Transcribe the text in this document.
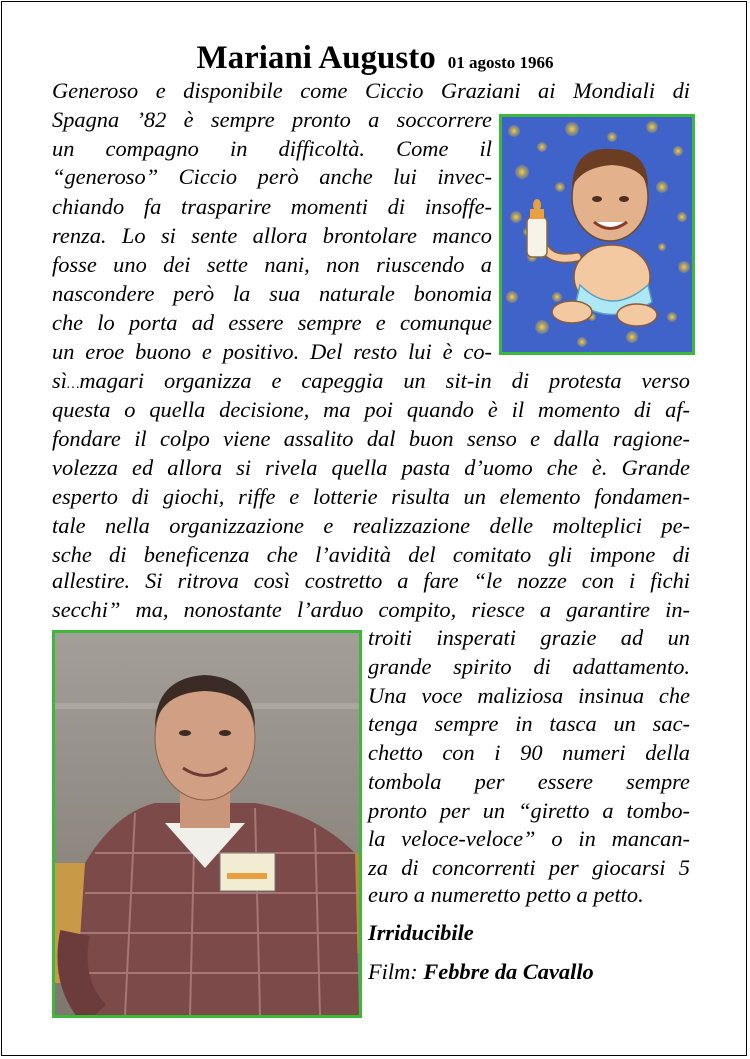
Mariani Augusto 01 agosto 1966
Generoso e disponibile come Ciccio Graziani ai Mondiali di
Spagna ’82 è sempre pronto a soccorrere
un compagno in difficoltà. Come il
“generoso” Ciccio però anche lui invec-
chiando fa trasparire momenti di insoffe-
renza. Lo si sente allora brontolare manco
fosse uno dei sette nani, non riuscendo a
nascondere però la sua naturale bonomia
che lo porta ad essere sempre e comunque
un eroe buono e positivo. Del resto lui è co-
sì…magari organizza e capeggia un sit-in di protesta verso
questa o quella decisione, ma poi quando è il momento di af-
fondare il colpo viene assalito dal buon senso e dalla ragione-
volezza ed allora si rivela quella pasta d’uomo che è. Grande
esperto di giochi, riffe e lotterie risulta un elemento fondamen-
tale nella organizzazione e realizzazione delle molteplici pe-
sche di beneficenza che l’avidità del comitato gli impone di
allestire. Si ritrova così costretto a fare “le nozze con i fichi
secchi” ma, nonostante l’arduo compito, riesce a garantire in-
troiti insperati grazie ad un
grande spirito di adattamento.
Una voce maliziosa insinua che
tenga sempre in tasca un sac-
chetto con i 90 numeri della
tombola per essere sempre
pronto per un “giretto a tombo-
la veloce-veloce” o in mancan-
za di concorrenti per giocarsi 5
euro a numeretto petto a petto.
Irriducibile
Film: Febbre da Cavallo
